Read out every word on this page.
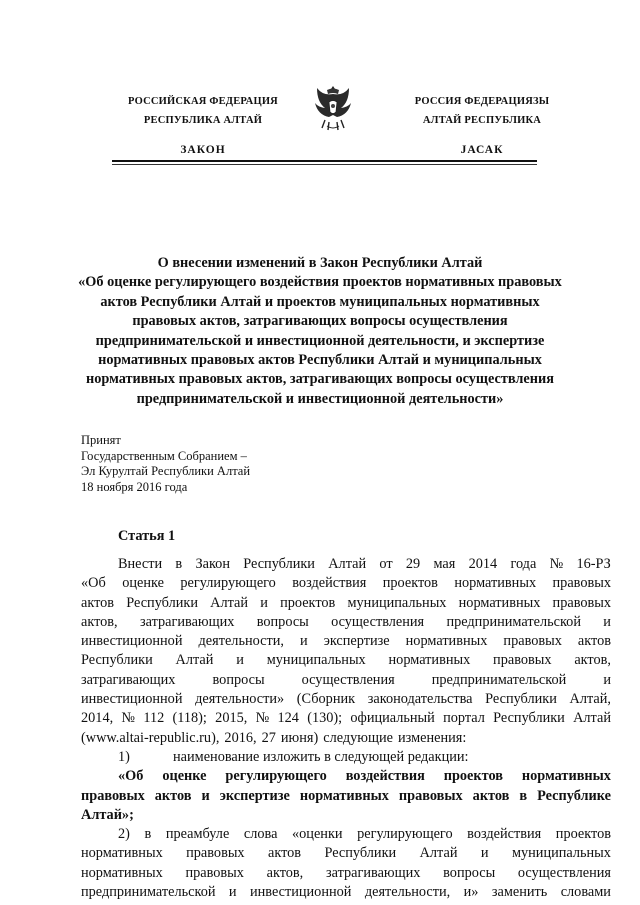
РОССИЙСКАЯ ФЕДЕРАЦИЯ
РЕСПУБЛИКА АЛТАЙ
ЗАКОН
РОССИЯ ФЕДЕРАЦИЯЗЫ
АЛТАЙ РЕСПУБЛИКА
JАСАК
О внесении изменений в Закон Республики Алтай
«Об оценке регулирующего воздействия проектов нормативных правовых
актов Республики Алтай и проектов муниципальных нормативных
правовых актов, затрагивающих вопросы осуществления
предпринимательской и инвестиционной деятельности, и экспертизе
нормативных правовых актов Республики Алтай и муниципальных
нормативных правовых актов, затрагивающих вопросы осуществления
предпринимательской и инвестиционной деятельности»
Принят
Государственным Собранием –
Эл Курултай Республики Алтай
18 ноября 2016 года
Статья 1
Внести в Закон Республики Алтай от 29 мая 2014 года № 16-РЗ
«Об оценке регулирующего воздействия проектов нормативных правовых
актов Республики Алтай и проектов муниципальных нормативных правовых
актов, затрагивающих вопросы осуществления предпринимательской и
инвестиционной деятельности, и экспертизе нормативных правовых актов
Республики Алтай и муниципальных нормативных правовых актов,
затрагивающих	вопросы	осуществления	предпринимательской	и
инвестиционной деятельности» (Сборник законодательства Республики Алтай,
2014, № 112 (118); 2015, № 124 (130); официальный портал Республики Алтай
(www.altai-republic.ru), 2016, 27 июня) следующие изменения:
1)	наименование изложить в следующей редакции:
«Об оценке регулирующего воздействия проектов нормативных
правовых актов и экспертизе нормативных правовых актов в Республике
Алтай»;
2) в преамбуле слова «оценки регулирующего воздействия проектов
нормативных правовых актов Республики Алтай и муниципальных
нормативных правовых актов, затрагивающих вопросы осуществления
предпринимательской и инвестиционной деятельности, и» заменить словами
